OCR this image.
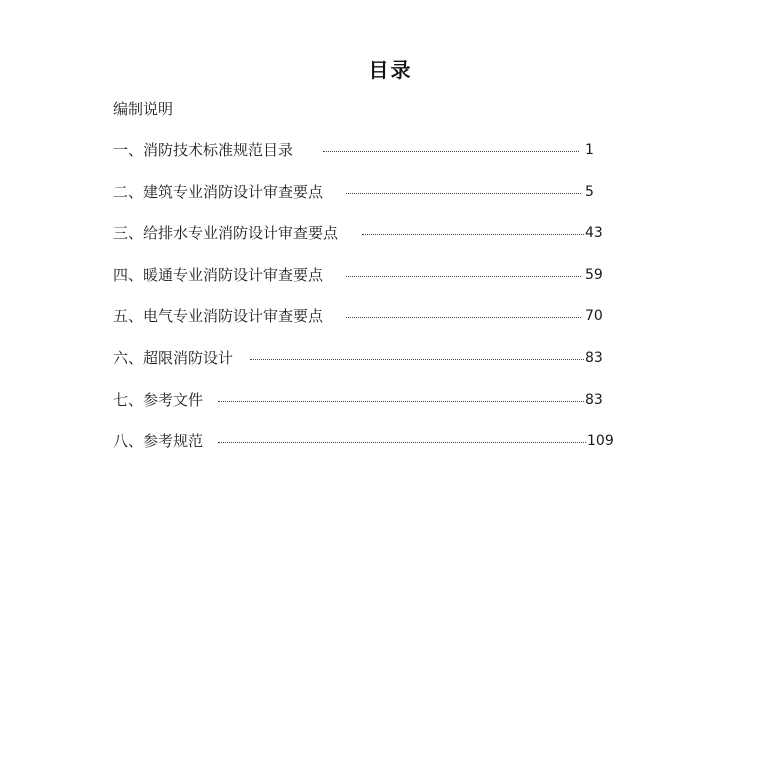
目录
编制说明
一、消防技术标准规范目录	1
二、建筑专业消防设计审查要点	5
三、给排水专业消防设计审查要点	43
四、暖通专业消防设计审查要点	59
五、电气专业消防设计审查要点	70
六、超限消防设计	83
七、参考文件	83
八、参考规范	109
